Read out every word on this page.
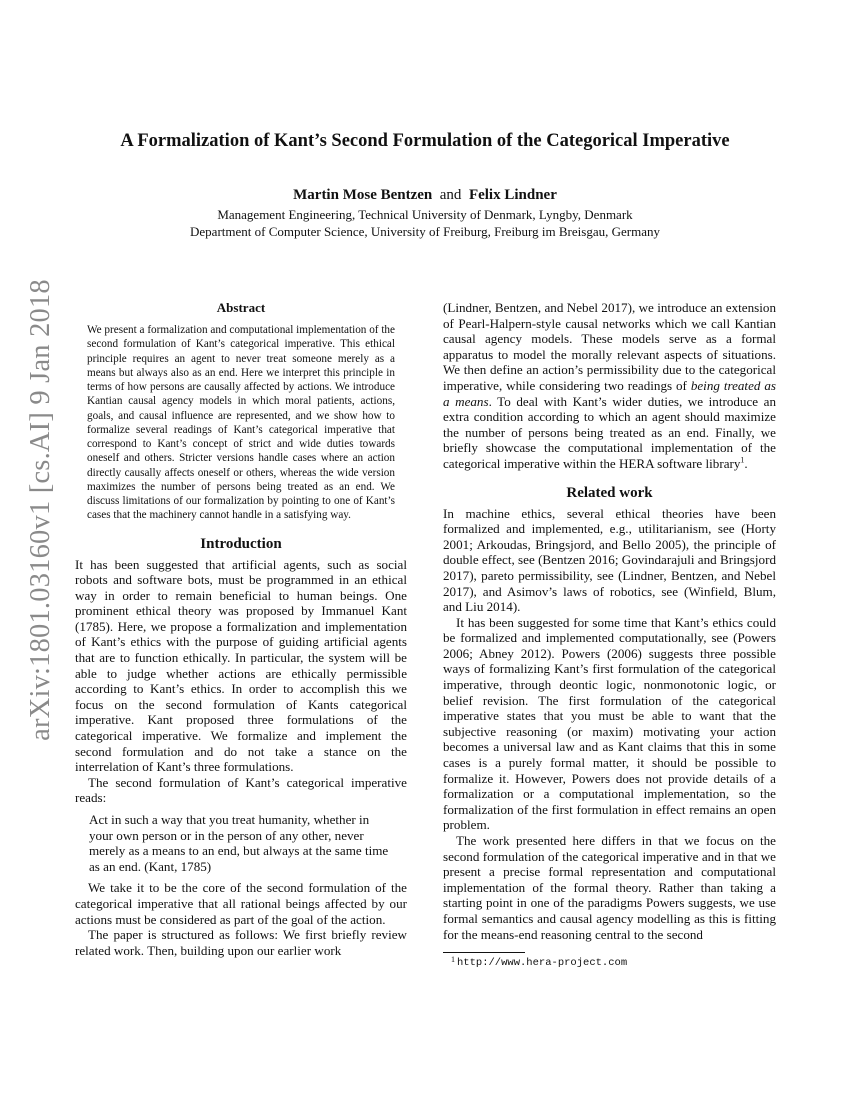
arXiv:1801.03160v1 [cs.AI] 9 Jan 2018
A Formalization of Kant’s Second Formulation of the Categorical Imperative
Martin Mose Bentzen and Felix Lindner
Management Engineering, Technical University of Denmark, Lyngby, Denmark
Department of Computer Science, University of Freiburg, Freiburg im Breisgau, Germany
Abstract

We present a formalization and computational implementation of the second formulation of Kant’s categorical imperative. This ethical principle requires an agent to never treat someone merely as a means but always also as an end. Here we interpret this principle in terms of how persons are causally affected by actions. We introduce Kantian causal agency models in which moral patients, actions, goals, and causal influence are represented, and we show how to formalize several readings of Kant’s categorical imperative that correspond to Kant’s concept of strict and wide duties towards oneself and others. Stricter versions handle cases where an action directly causally affects oneself or others, whereas the wide version maximizes the number of persons being treated as an end. We discuss limitations of our formalization by pointing to one of Kant’s cases that the machinery cannot handle in a satisfying way.

Introduction

It has been suggested that artificial agents, such as social robots and software bots, must be programmed in an ethical way in order to remain beneficial to human beings. One prominent ethical theory was proposed by Immanuel Kant (1785). Here, we propose a formalization and implementation of Kant’s ethics with the purpose of guiding artificial agents that are to function ethically. In particular, the system will be able to judge whether actions are ethically permissible according to Kant’s ethics. In order to accomplish this we focus on the second formulation of Kants categorical imperative. Kant proposed three formulations of the categorical imperative. We formalize and implement the second formulation and do not take a stance on the interrelation of Kant’s three formulations.

The second formulation of Kant’s categorical imperative reads:

Act in such a way that you treat humanity, whether in your own person or in the person of any other, never merely as a means to an end, but always at the same time as an end. (Kant, 1785)

We take it to be the core of the second formulation of the categorical imperative that all rational beings affected by our actions must be considered as part of the goal of the action.

The paper is structured as follows: We first briefly review related work. Then, building upon our earlier work

(Lindner, Bentzen, and Nebel 2017), we introduce an extension of Pearl-Halpern-style causal networks which we call Kantian causal agency models. These models serve as a formal apparatus to model the morally relevant aspects of situations. We then define an action’s permissibility due to the categorical imperative, while considering two readings of being treated as a means. To deal with Kant’s wider duties, we introduce an extra condition according to which an agent should maximize the number of persons being treated as an end. Finally, we briefly showcase the computational implementation of the categorical imperative within the HERA software library$^1$.

Related work

In machine ethics, several ethical theories have been formalized and implemented, e.g., utilitarianism, see (Horty 2001; Arkoudas, Bringsjord, and Bello 2005), the principle of double effect, see (Bentzen 2016; Govindarajuli and Bringsjord 2017), pareto permissibility, see (Lindner, Bentzen, and Nebel 2017), and Asimov’s laws of robotics, see (Winfield, Blum, and Liu 2014).

It has been suggested for some time that Kant’s ethics could be formalized and implemented computationally, see (Powers 2006; Abney 2012). Powers (2006) suggests three possible ways of formalizing Kant’s first formulation of the categorical imperative, through deontic logic, nonmonotonic logic, or belief revision. The first formulation of the categorical imperative states that you must be able to want that the subjective reasoning (or maxim) motivating your action becomes a universal law and as Kant claims that this in some cases is a purely formal matter, it should be possible to formalize it. However, Powers does not provide details of a formalization or a computational implementation, so the formalization of the first formulation in effect remains an open problem.

The work presented here differs in that we focus on the second formulation of the categorical imperative and in that we present a precise formal representation and computational implementation of the formal theory. Rather than taking a starting point in one of the paradigms Powers suggests, we use formal semantics and causal agency modelling as this is fitting for the means-end reasoning central to the second

1 http://www.hera-project.com
